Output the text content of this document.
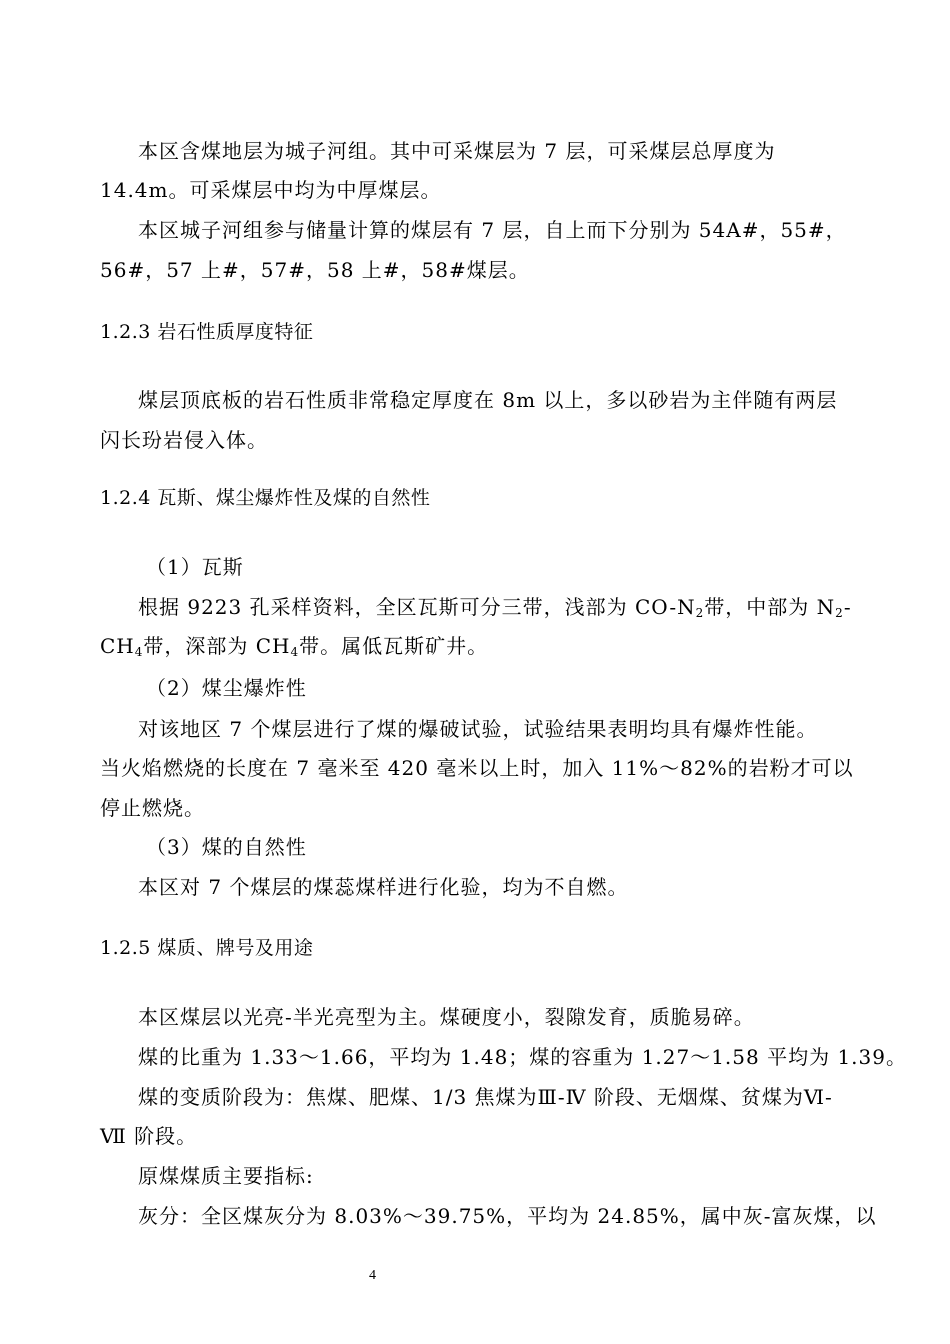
本区含煤地层为城子河组。其中可采煤层为 7 层，可采煤层总厚度为
14.4m。可采煤层中均为中厚煤层。
本区城子河组参与储量计算的煤层有 7 层，自上而下分别为 54A#，55#，
56#，57 上#，57#，58 上#，58#煤层。
1.2.3 岩石性质厚度特征
煤层顶底板的岩石性质非常稳定厚度在 8m 以上，多以砂岩为主伴随有两层
闪长玢岩侵入体。
1.2.4 瓦斯、煤尘爆炸性及煤的自然性
（1）瓦斯
根据 9223 孔采样资料，全区瓦斯可分三带，浅部为 $CO-N_2$带，中部为 $N_2-$
$CH_4$带，深部为 $CH_4$带。属低瓦斯矿井。
（2）煤尘爆炸性
对该地区 7 个煤层进行了煤的爆破试验，试验结果表明均具有爆炸性能。
当火焰燃烧的长度在 7 毫米至 420 毫米以上时，加入 11%～82%的岩粉才可以
停止燃烧。
（3）煤的自然性
本区对 7 个煤层的煤蕊煤样进行化验，均为不自燃。
1.2.5 煤质、牌号及用途
本区煤层以光亮-半光亮型为主。煤硬度小，裂隙发育，质脆易碎。
煤的比重为 1.33～1.66，平均为 1.48；煤的容重为 1.27～1.58 平均为 1.39。
煤的变质阶段为：焦煤、肥煤、1/3 焦煤为Ⅲ-Ⅳ 阶段、无烟煤、贫煤为Ⅵ-
Ⅶ 阶段。
原煤煤质主要指标:
灰分：全区煤灰分为 8.03%～39.75%，平均为 24.85%，属中灰-富灰煤，以
4
